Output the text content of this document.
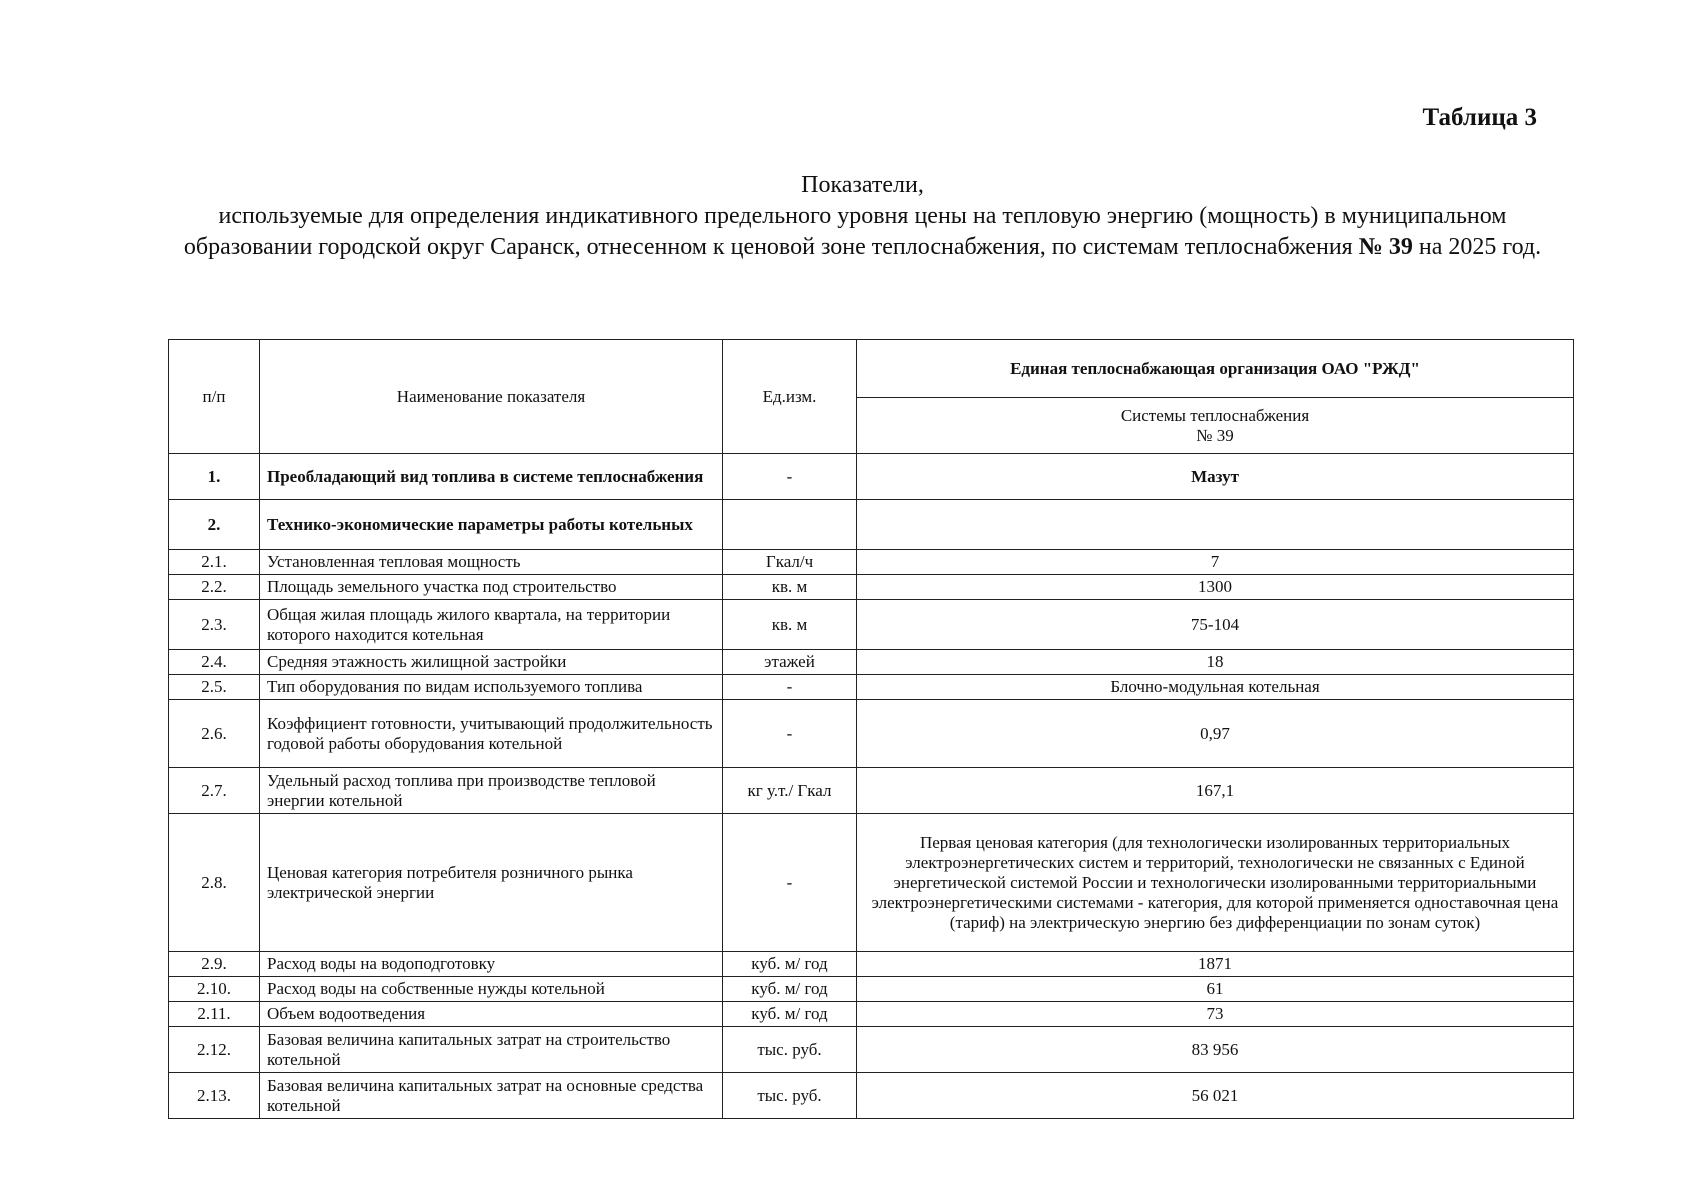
Таблица 3
Показатели,
используемые для определения индикативного предельного уровня цены на тепловую энергию (мощность) в муниципальном образовании городской округ Саранск, отнесенном к ценовой зоне теплоснабжения, по системам теплоснабжения № 39 на 2025 год.
п/п	Наименование показателя	Ед.изм.	Единая теплоснабжающая организация ОАО "РЖД"

			Системы теплоснабжения
№ 39

1.	Преобладающий вид топлива в системе теплоснабжения	-	Мазут
2.	Технико-экономические параметры работы котельных		
2.1.	Установленная тепловая мощность	Гкал/ч	7
2.2.	Площадь земельного участка под строительство	кв. м	1300
2.3.	Общая жилая площадь жилого квартала, на территории которого находится котельная	кв. м	75-104
2.4.	Средняя этажность жилищной застройки	этажей	18
2.5.	Тип оборудования по видам используемого топлива	-	Блочно-модульная котельная
2.6.	Коэффициент готовности, учитывающий продолжительность годовой работы оборудования котельной	-	0,97
2.7.	Удельный расход топлива при производстве тепловой энергии котельной	кг у.т./ Гкал	167,1
2.8.	Ценовая категория потребителя розничного рынка электрической энергии	-	Первая ценовая категория (для технологически изолированных территориальных электроэнергетических систем и территорий, технологически не связанных с Единой энергетической системой России и технологически изолированными территориальными электроэнергетическими системами - категория, для которой применяется одноставочная цена (тариф) на электрическую энергию без дифференциации по зонам суток)
2.9.	Расход воды на водоподготовку	куб. м/ год	1871
2.10.	Расход воды на собственные нужды котельной	куб. м/ год	61
2.11.	Объем водоотведения	куб. м/ год	73
2.12.	Базовая величина капитальных затрат на строительство котельной	тыс. руб.	83 956
2.13.	Базовая величина капитальных затрат на основные средства котельной	тыс. руб.	56 021
